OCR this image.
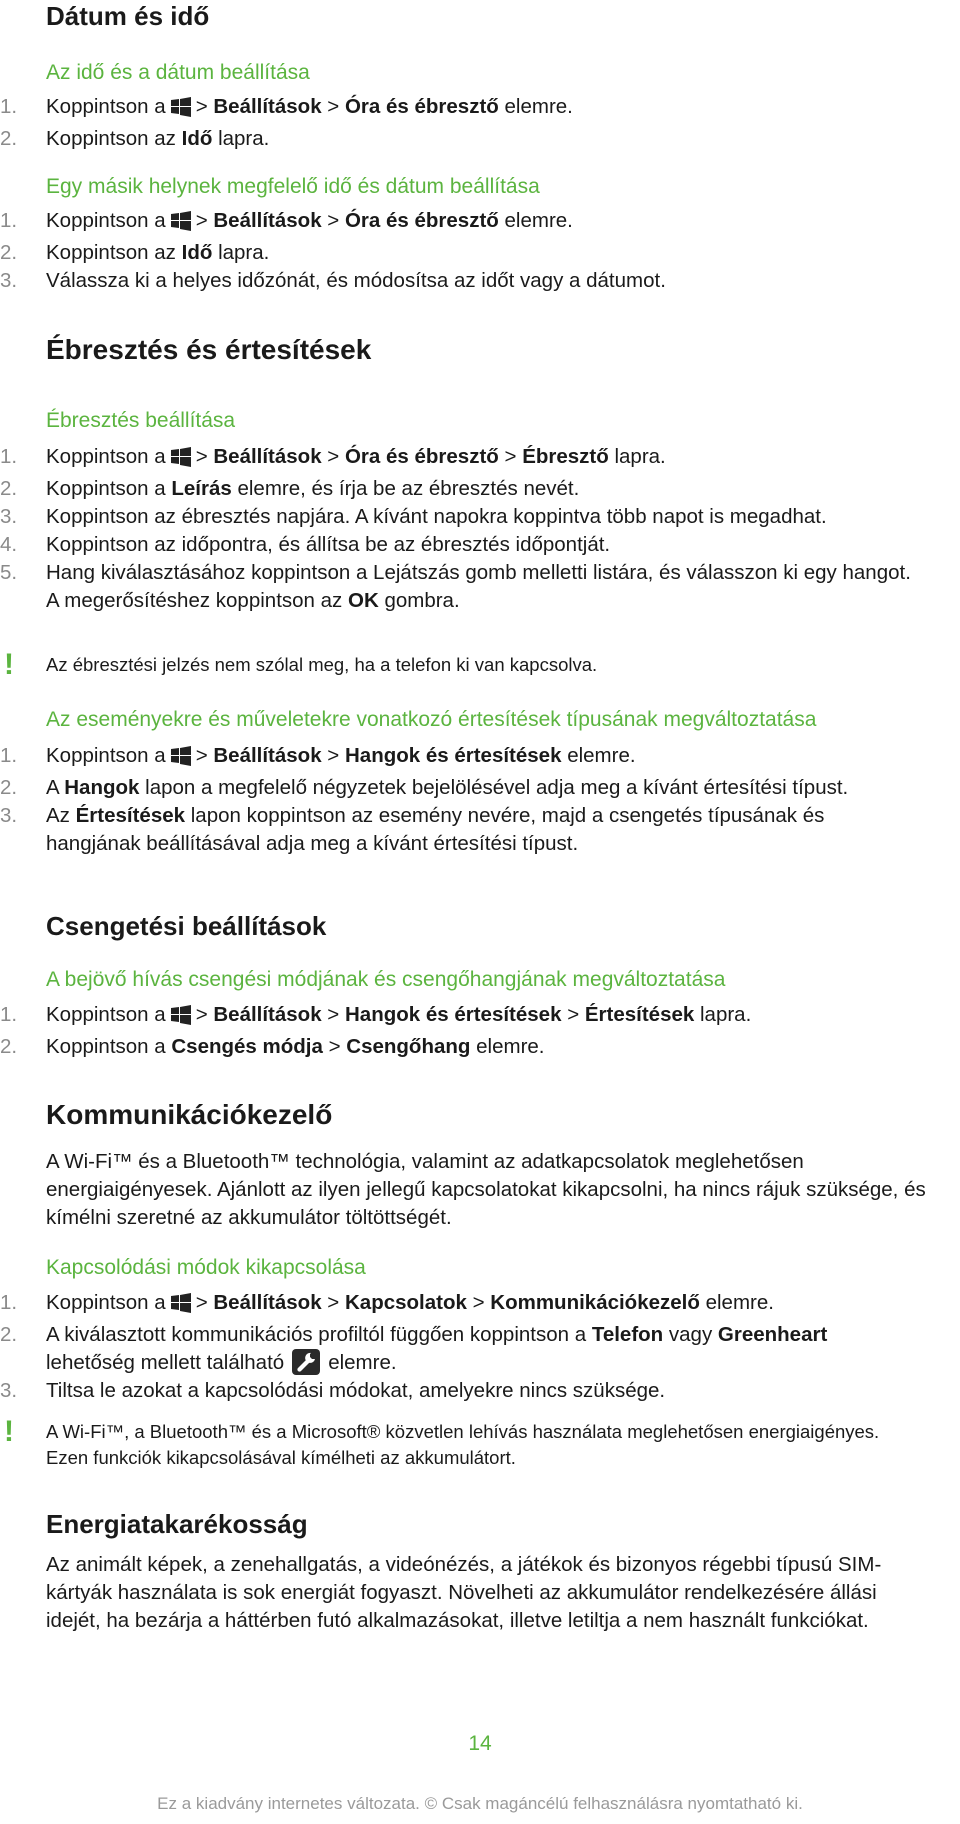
Dátum és idő
Az idő és a dátum beállítása
1.	Koppintson a > Beállítások > Óra és ébresztő elemre.
2.	Koppintson az Idő lapra.
Egy másik helynek megfelelő idő és dátum beállítása
1.	Koppintson a > Beállítások > Óra és ébresztő elemre.
2.	Koppintson az Idő lapra.
3.	Válassza ki a helyes időzónát, és módosítsa az időt vagy a dátumot.
Ébresztés és értesítések
Ébresztés beállítása
1.	Koppintson a > Beállítások > Óra és ébresztő > Ébresztő lapra.
2.	Koppintson a Leírás elemre, és írja be az ébresztés nevét.
3.	Koppintson az ébresztés napjára. A kívánt napokra koppintva több napot is megadhat.
4.	Koppintson az időpontra, és állítsa be az ébresztés időpontját.
5.	Hang kiválasztásához koppintson a Lejátszás gomb melletti listára, és válasszon ki egy hangot. A megerősítéshez koppintson az OK gombra.
! Az ébresztési jelzés nem szólal meg, ha a telefon ki van kapcsolva.
Az eseményekre és műveletekre vonatkozó értesítések típusának megváltoztatása
1.	Koppintson a > Beállítások > Hangok és értesítések elemre.
2.	A Hangok lapon a megfelelő négyzetek bejelölésével adja meg a kívánt értesítési típust.
3.	Az Értesítések lapon koppintson az esemény nevére, majd a csengetés típusának és hangjának beállításával adja meg a kívánt értesítési típust.
Csengetési beállítások
A bejövő hívás csengési módjának és csengőhangjának megváltoztatása
1.	Koppintson a > Beállítások > Hangok és értesítések > Értesítések lapra.
2.	Koppintson a Csengés módja > Csengőhang elemre.
Kommunikációkezelő

A Wi-Fi™ és a Bluetooth™ technológia, valamint az adatkapcsolatok meglehetősen energiaigényesek. Ajánlott az ilyen jellegű kapcsolatokat kikapcsolni, ha nincs rájuk szüksége, és kímélni szeretné az akkumulátor töltöttségét.

Kapcsolódási módok kikapcsolása
1.	Koppintson a > Beállítások > Kapcsolatok > Kommunikációkezelő elemre.
2.	A kiválasztott kommunikációs profiltól függően koppintson a Telefon vagy Greenheart lehetőség mellett található elemre.
3.	Tiltsa le azokat a kapcsolódási módokat, amelyekre nincs szüksége.
! A Wi-Fi™, a Bluetooth™ és a Microsoft® közvetlen lehívás használata meglehetősen energiaigényes. Ezen funkciók kikapcsolásával kímélheti az akkumulátort.
Energiatakarékosság

Az animált képek, a zenehallgatás, a videónézés, a játékok és bizonyos régebbi típusú SIM-kártyák használata is sok energiát fogyaszt. Növelheti az akkumulátor rendelkezésére állási idejét, ha bezárja a háttérben futó alkalmazásokat, illetve letiltja a nem használt funkciókat.

14
Ez a kiadvány internetes változata. © Csak magáncélú felhasználásra nyomtatható ki.
